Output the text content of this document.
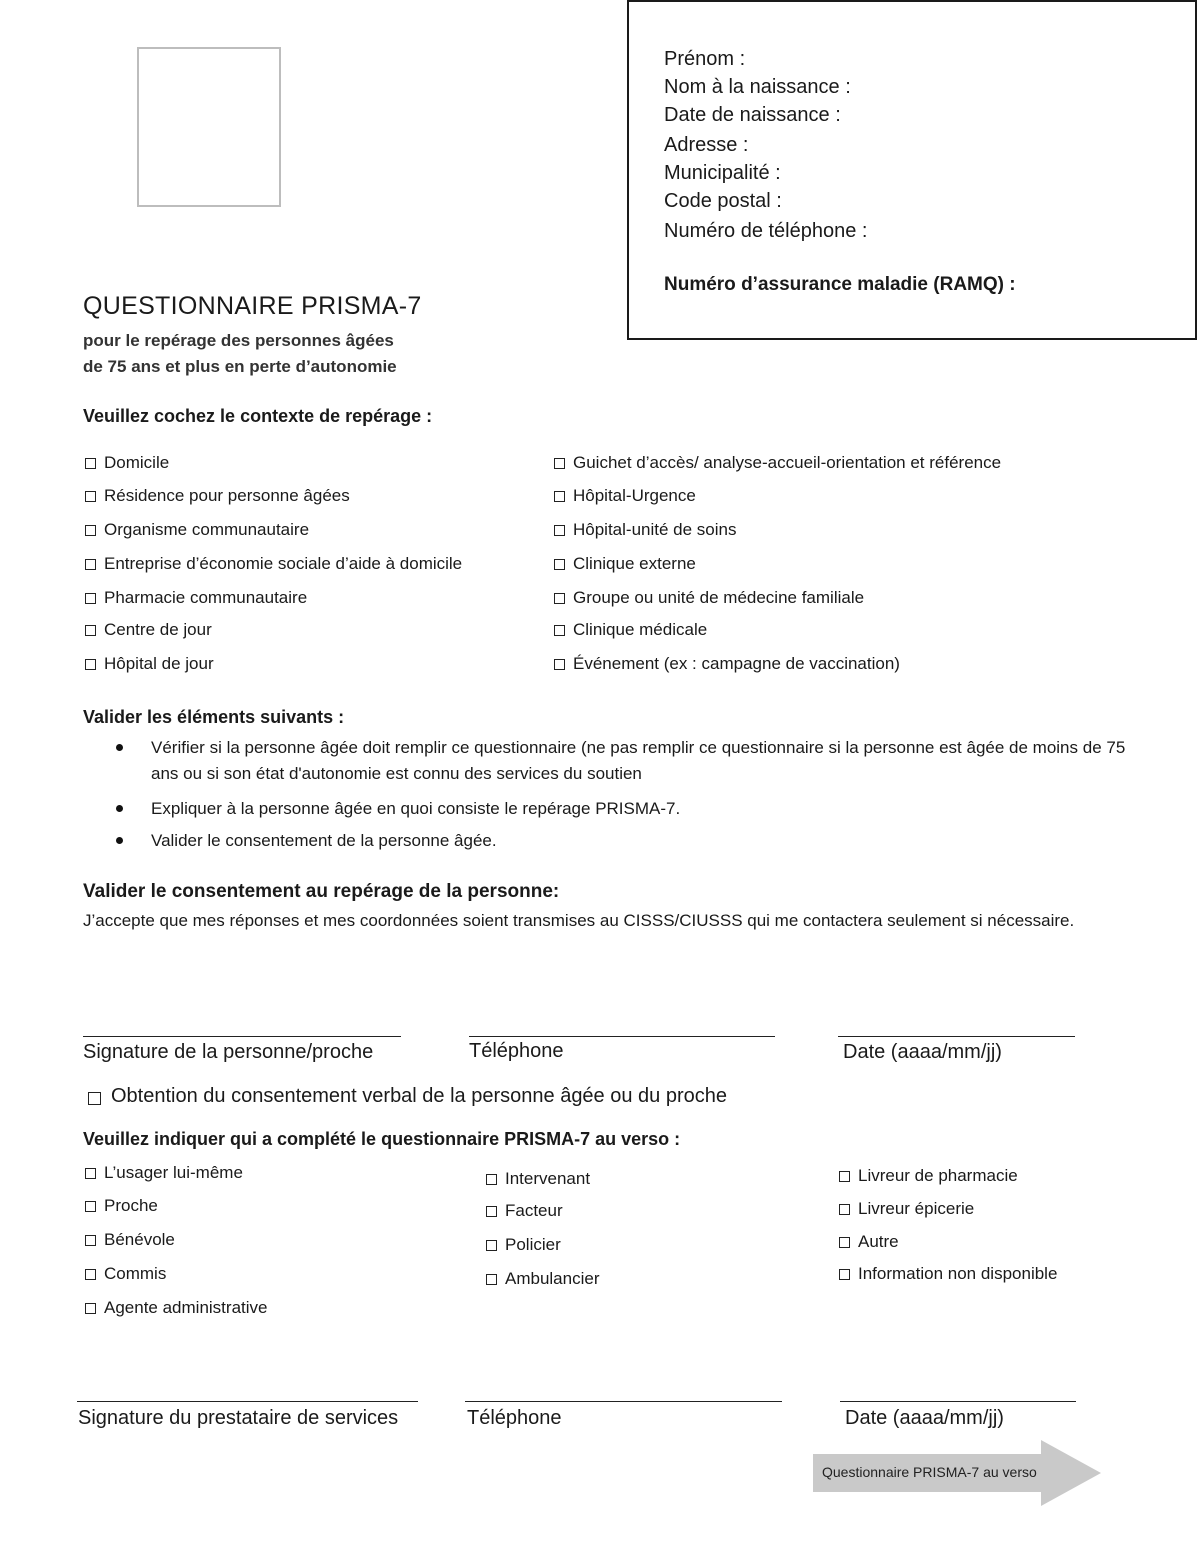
Prénom :
Nom à la naissance :
Date de naissance :
Adresse :
Municipalité :
Code postal :
Numéro de téléphone :
Numéro d’assurance maladie (RAMQ) :
QUESTIONNAIRE PRISMA-7
pour le repérage des personnes âgées
de 75 ans et plus en perte d’autonomie
Veuillez cochez le contexte de repérage :
Domicile
Résidence pour personne âgées
Organisme communautaire
Entreprise d’économie sociale d’aide à domicile
Pharmacie communautaire
Centre de jour
Hôpital de jour
Guichet d’accès/ analyse-accueil-orientation et référence
Hôpital-Urgence
Hôpital-unité de soins
Clinique externe
Groupe ou unité de médecine familiale
Clinique médicale
Événement (ex : campagne de vaccination)
Valider les éléments suivants :
Vérifier si la personne âgée doit remplir ce questionnaire (ne pas remplir ce questionnaire si la personne est âgée de moins de 75 ans ou si son état d'autonomie est connu des services du soutien
Expliquer à la personne âgée en quoi consiste le repérage PRISMA-7.
Valider le consentement de la personne âgée.
Valider le consentement au repérage de la personne:
J’accepte que mes réponses et mes coordonnées soient transmises au CISSS/CIUSSS qui me contactera seulement si nécessaire.
Signature de la personne/proche	Téléphone	Date (aaaa/mm/jj)
Obtention du consentement verbal de la personne âgée ou du proche
Veuillez indiquer qui a complété le questionnaire PRISMA-7 au verso :
L’usager lui-même
Proche
Bénévole
Commis
Agente administrative
Intervenant
Facteur
Policier
Ambulancier
Livreur de pharmacie
Livreur épicerie
Autre
Information non disponible
Signature du prestataire de services	Téléphone	Date (aaaa/mm/jj)
Questionnaire PRISMA-7 au verso
